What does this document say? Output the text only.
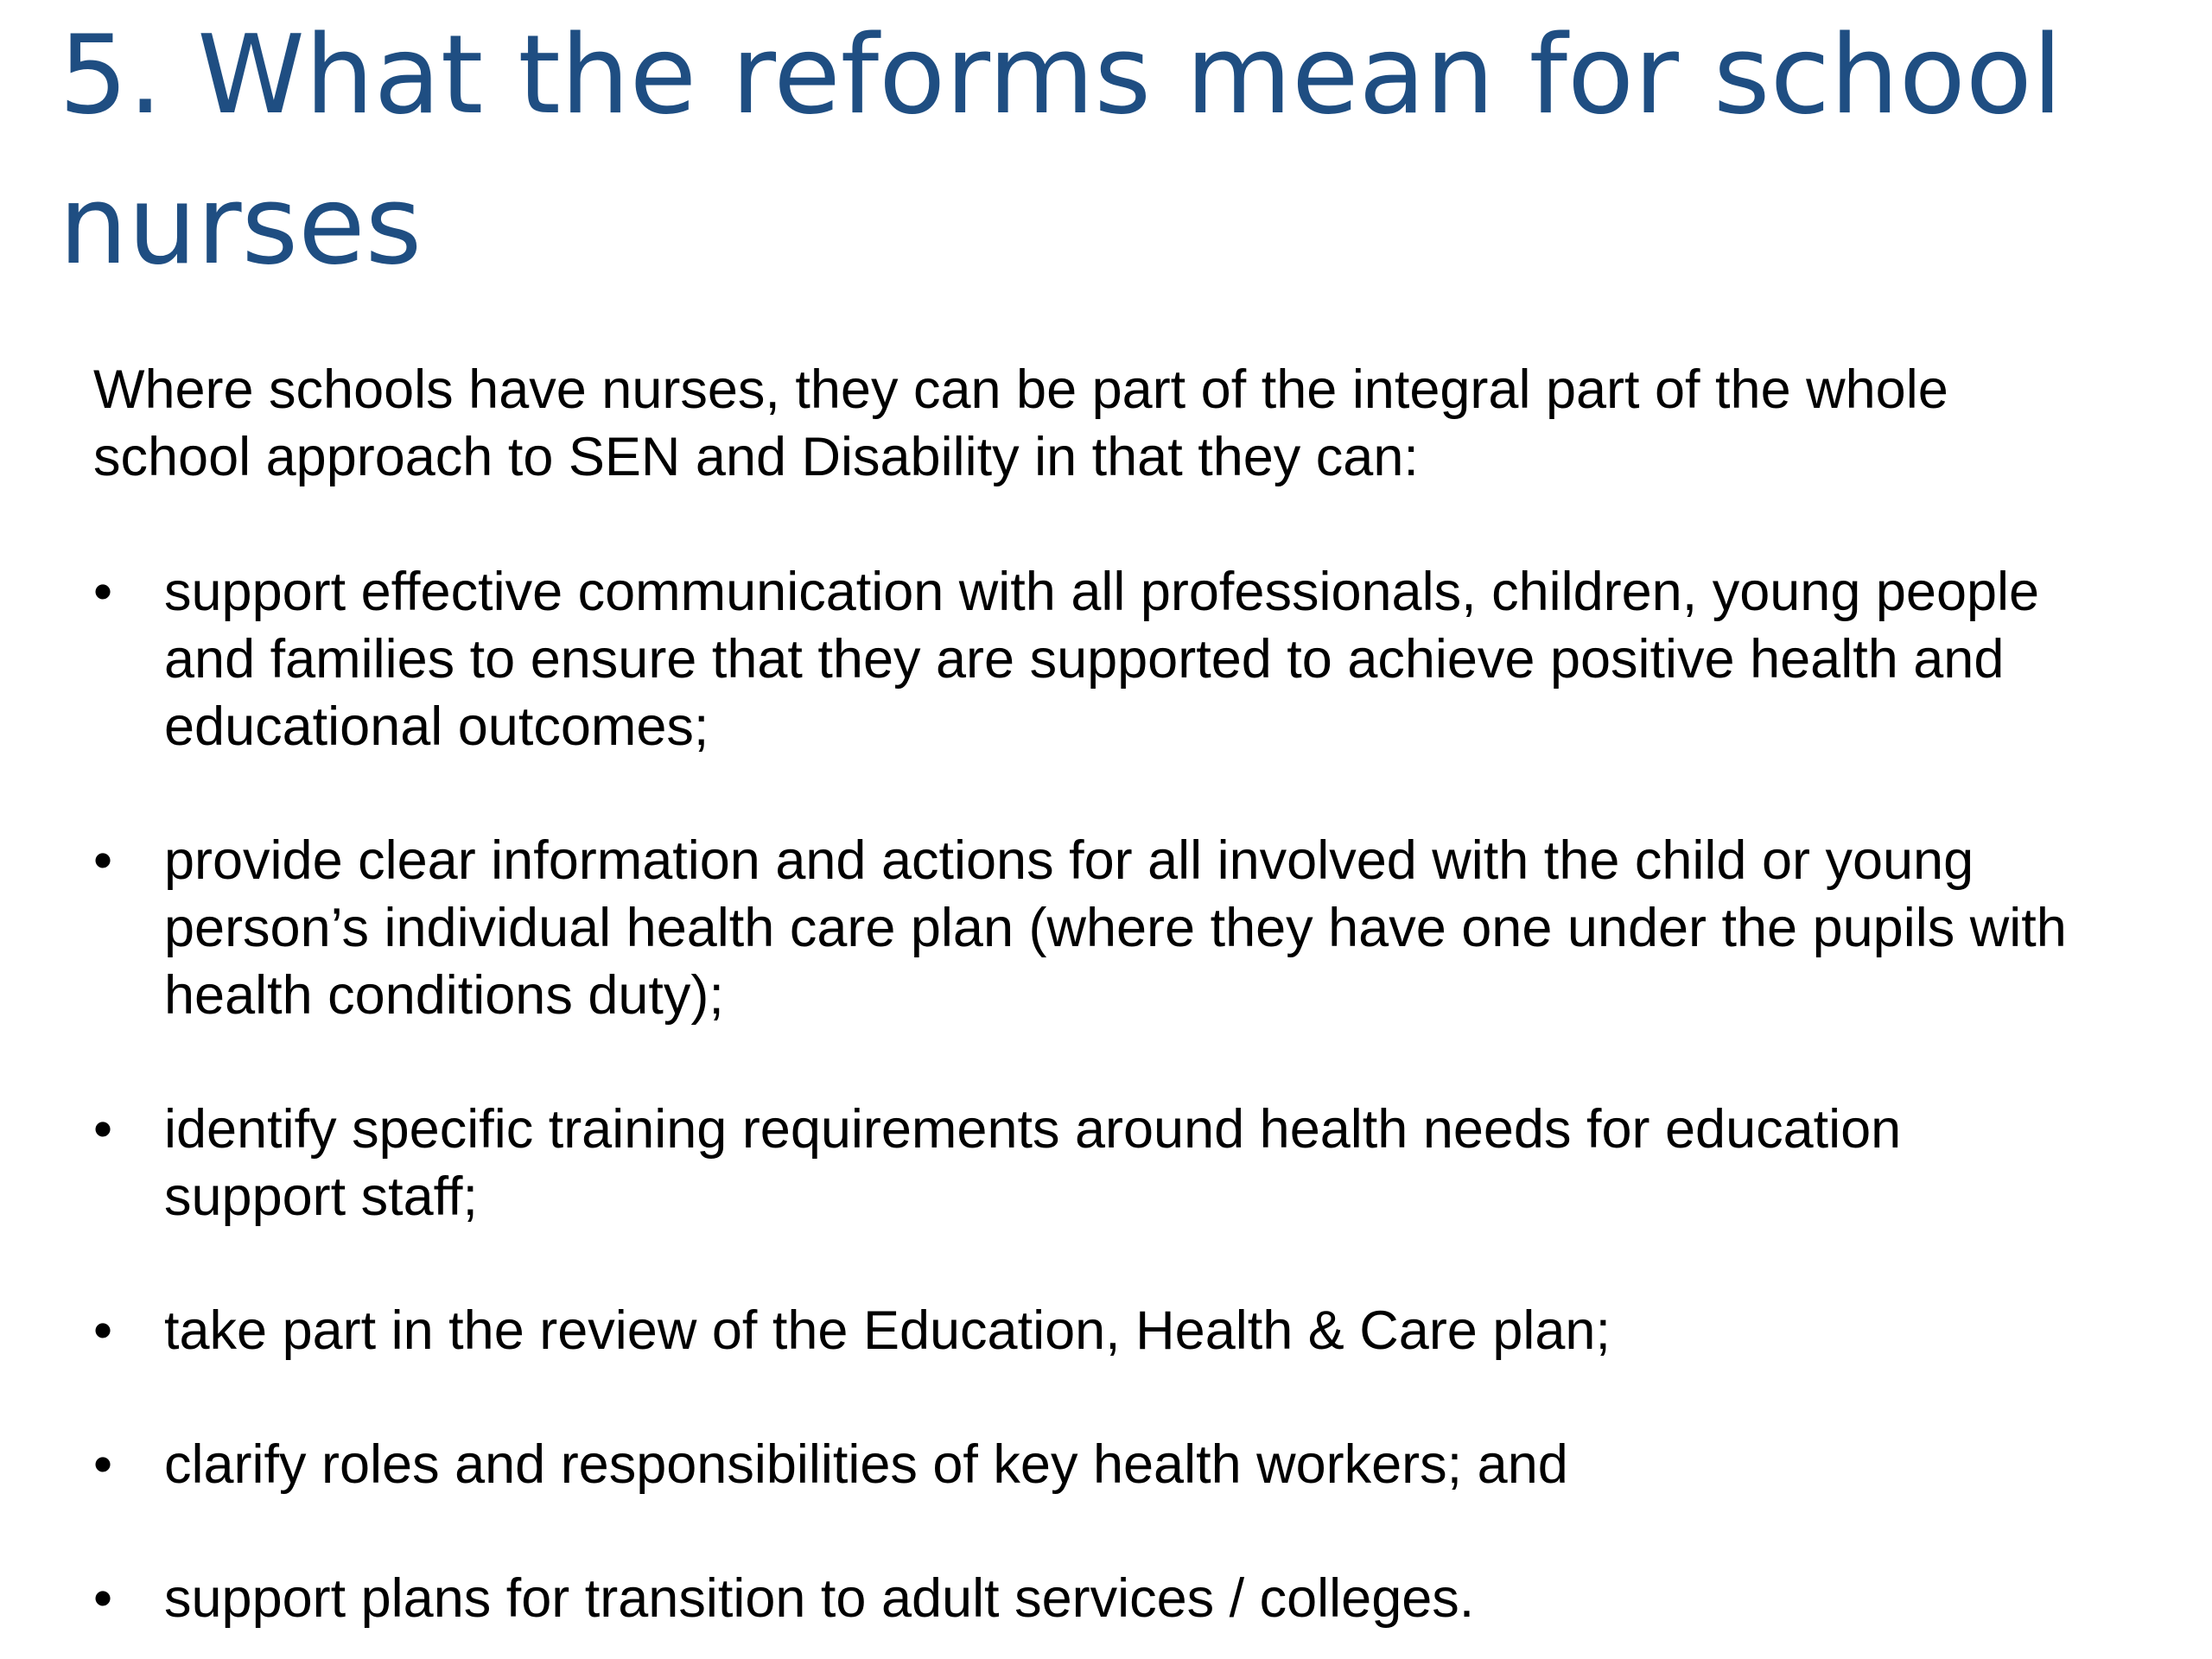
5. What the reforms mean for school
nurses

Where schools have nurses, they can be part of the integral part of the whole
school approach to SEN and Disability in that they can:

• support effective communication with all professionals, children, young people
and families to ensure that they are supported to achieve positive health and
educational outcomes;
• provide clear information and actions for all involved with the child or young
person’s individual health care plan (where they have one under the pupils with
health conditions duty);
• identify specific training requirements around health needs for education
support staff;
• take part in the review of the Education, Health & Care plan;
• clarify roles and responsibilities of key health workers; and
• support plans for transition to adult services / colleges.
